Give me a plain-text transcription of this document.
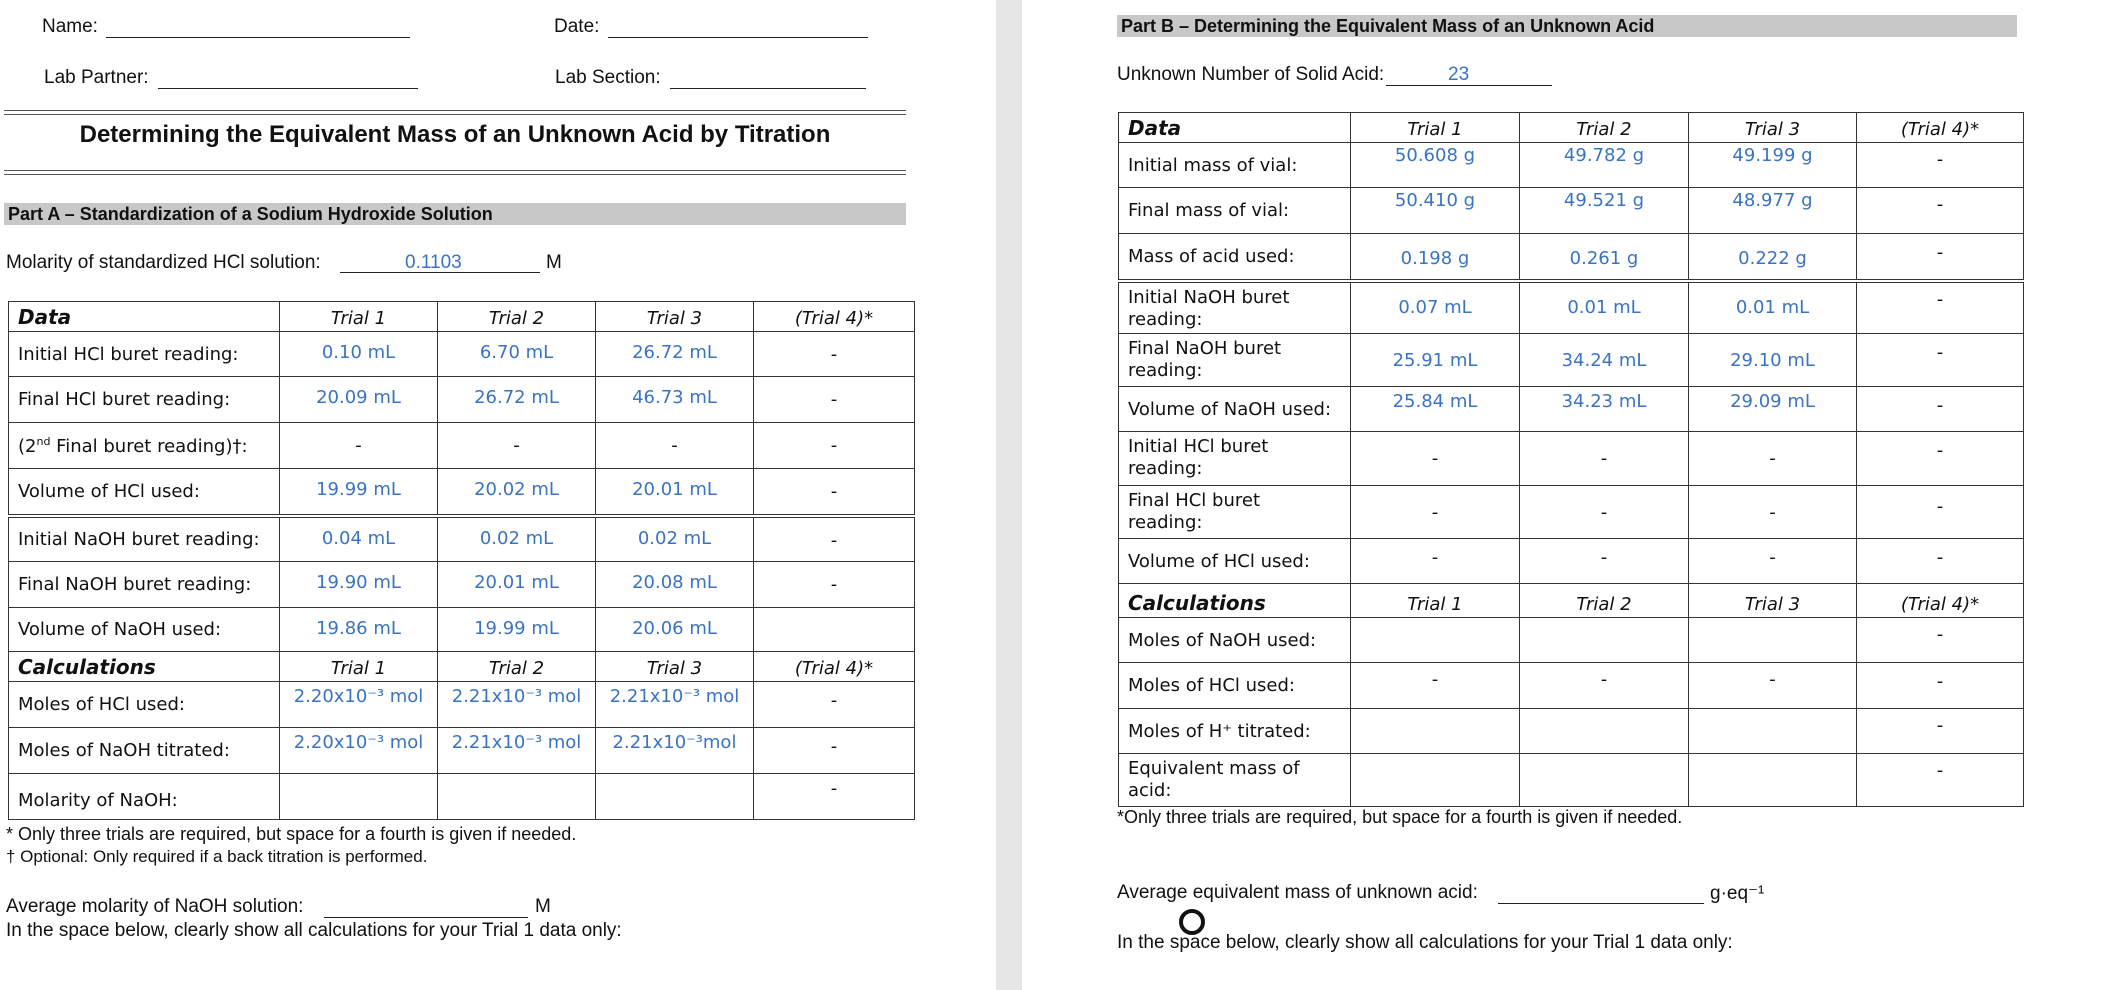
Name:	Date:
Lab Partner:	Lab Section:
Determining the Equivalent Mass of an Unknown Acid by Titration
Part A – Standardization of a Sodium Hydroxide Solution
Molarity of standardized HCl solution:	0.1103	M
Data	Trial 1	Trial 2	Trial 3	(Trial 4)*
Initial HCl buret reading:	0.10 mL	6.70 mL	26.72 mL	-
Final HCl buret reading:	20.09 mL	26.72 mL	46.73 mL	-
(2nd Final buret reading)†:	-	-	-	-
Volume of HCl used:	19.99 mL	20.02 mL	20.01 mL	-
Initial NaOH buret reading:	0.04 mL	0.02 mL	0.02 mL	-
Final NaOH buret reading:	19.90 mL	20.01 mL	20.08 mL	-
Volume of NaOH used:	19.86 mL	19.99 mL	20.06 mL	
Calculations	Trial 1	Trial 2	Trial 3	(Trial 4)*
Moles of HCl used:	2.20x10⁻³ mol	2.21x10⁻³ mol	2.21x10⁻³ mol	-
Moles of NaOH titrated:	2.20x10⁻³ mol	2.21x10⁻³ mol	2.21x10⁻³mol	-
Molarity of NaOH:				-
* Only three trials are required, but space for a fourth is given if needed.
† Optional: Only required if a back titration is performed.
Average molarity of NaOH solution:	M
In the space below, clearly show all calculations for your Trial 1 data only:
Part B – Determining the Equivalent Mass of an Unknown Acid
Unknown Number of Solid Acid:	23
Data	Trial 1	Trial 2	Trial 3	(Trial 4)*
Initial mass of vial:	50.608 g	49.782 g	49.199 g	-
Final mass of vial:	50.410 g	49.521 g	48.977 g	-
Mass of acid used:	0.198 g	0.261 g	0.222 g	-

Initial NaOH buret
reading:	0.07 mL	0.01 mL	0.01 mL	-

Final NaOH buret
reading:	25.91 mL	34.24 mL	29.10 mL	-
Volume of NaOH used:	25.84 mL	34.23 mL	29.09 mL	-

Initial HCl buret
reading:	-	-	-	-

Final HCl buret
reading:	-	-	-	-
Volume of HCl used:	-	-	-	-
Calculations	Trial 1	Trial 2	Trial 3	(Trial 4)*
Moles of NaOH used:				-
Moles of HCl used:	-	-	-	-
Moles of H⁺ titrated:				-

Equivalent mass of
acid:				-
*Only three trials are required, but space for a fourth is given if needed.
Average equivalent mass of unknown acid:	g·eq⁻¹
In the space below, clearly show all calculations for your Trial 1 data only:
